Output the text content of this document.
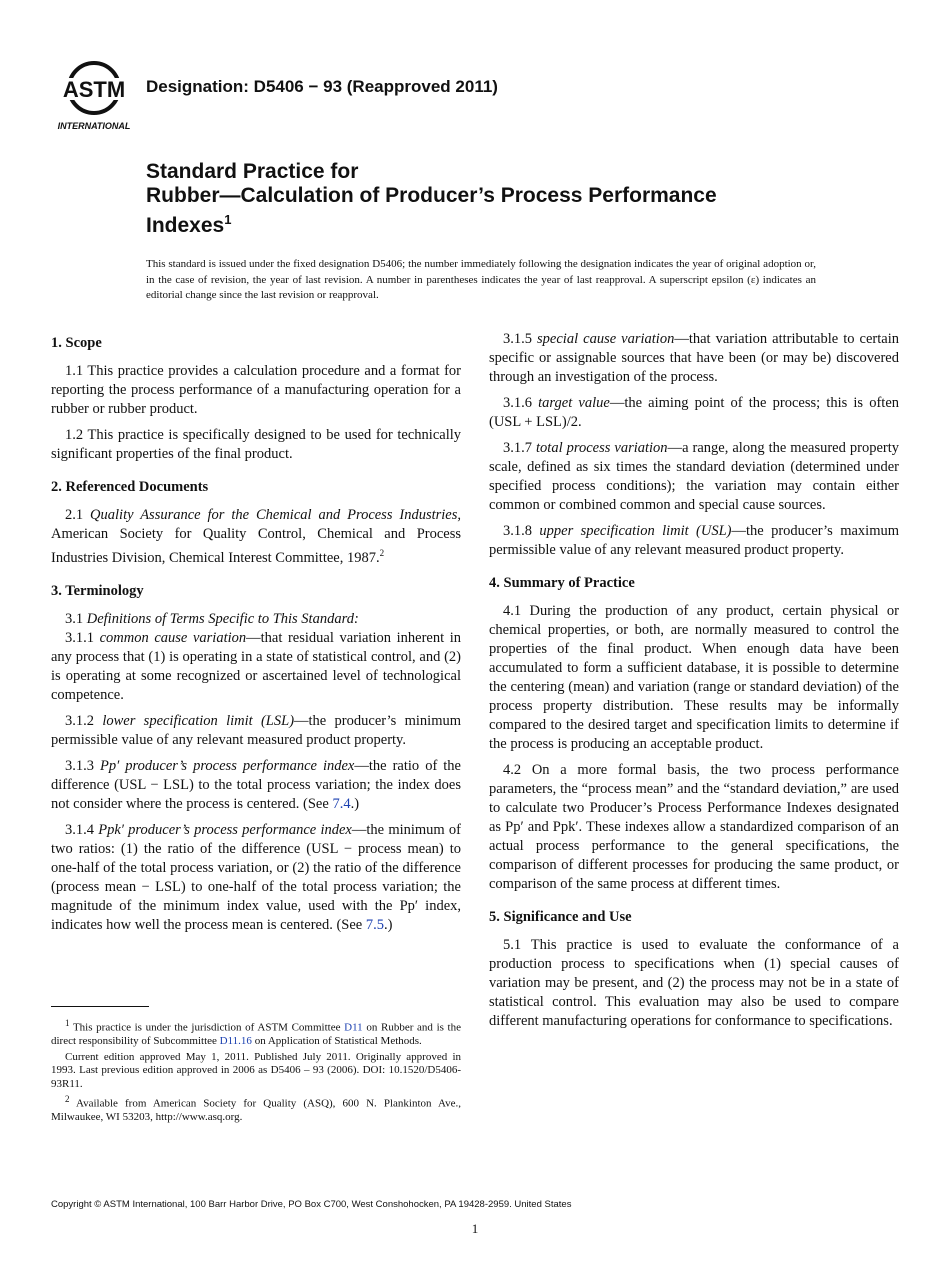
ASTM
INTERNATIONAL
Designation: D5406 − 93 (Reapproved 2011)
Standard Practice for
Rubber—Calculation of Producer’s Process Performance
Indexes$^1$
This standard is issued under the fixed designation D5406; the number immediately following the designation indicates the year of original adoption or, in the case of revision, the year of last revision. A number in parentheses indicates the year of last reapproval. A superscript epsilon (ε) indicates an editorial change since the last revision or reapproval.
1. Scope

1.1 This practice provides a calculation procedure and a format for reporting the process performance of a manufacturing operation for a rubber or rubber product.

1.2 This practice is specifically designed to be used for technically significant properties of the final product.

2. Referenced Documents

2.1 Quality Assurance for the Chemical and Process Industries, American Society for Quality Control, Chemical and Process Industries Division, Chemical Interest Committee, 1987.$^2$

3. Terminology

3.1 Definitions of Terms Specific to This Standard:

3.1.1 common cause variation—that residual variation inherent in any process that (1) is operating in a state of statistical control, and (2) is operating at some recognized or ascertained level of technological competence.

3.1.2 lower specification limit (LSL)—the producer’s minimum permissible value of any relevant measured product property.

3.1.3 Pp′ producer’s process performance index—the ratio of the difference (USL − LSL) to the total process variation; the index does not consider where the process is centered. (See 7.4.)

3.1.4 Ppk′ producer’s process performance index—the minimum of two ratios: (1) the ratio of the difference (USL − process mean) to one-half of the total process variation, or (2) the ratio of the difference (process mean − LSL) to one-half of the total process variation; the magnitude of the minimum index value, used with the Pp′ index, indicates how well the process mean is centered. (See 7.5.)

3.1.5 special cause variation—that variation attributable to certain specific or assignable sources that have been (or may be) discovered through an investigation of the process.

3.1.6 target value—the aiming point of the process; this is often (USL + LSL)/2.

3.1.7 total process variation—a range, along the measured property scale, defined as six times the standard deviation (determined under specified process conditions); the variation may contain either common or combined common and special cause sources.

3.1.8 upper specification limit (USL)—the producer’s maximum permissible value of any relevant measured product property.

4. Summary of Practice

4.1 During the production of any product, certain physical or chemical properties, or both, are normally measured to control the properties of the final product. When enough data have been accumulated to form a sufficient database, it is possible to determine the centering (mean) and variation (range or standard deviation) of the process property distribution. These results may be informally compared to the desired target and specification limits to determine if the process is producing an acceptable product.

4.2 On a more formal basis, the two process performance parameters, the “process mean” and the “standard deviation,” are used to calculate two Producer’s Process Performance Indexes designated as Pp′ and Ppk′. These indexes allow a standardized comparison of an actual process performance to the general specifications, the comparison of different processes for producing the same product, or comparison of the same process at different times.

5. Significance and Use

5.1 This practice is used to evaluate the conformance of a production process to specifications when (1) special causes of variation may be present, and (2) the process may not be in a state of statistical control. This evaluation may also be used to compare different manufacturing operations for conformance to specifications.

$^1$ This practice is under the jurisdiction of ASTM Committee D11 on Rubber and is the direct responsibility of Subcommittee D11.16 on Application of Statistical Methods.

Current edition approved May 1, 2011. Published July 2011. Originally approved in 1993. Last previous edition approved in 2006 as D5406 – 93 (2006). DOI: 10.1520/D5406-93R11.

$^2$ Available from American Society for Quality (ASQ), 600 N. Plankinton Ave., Milwaukee, WI 53203, http://www.asq.org.

Copyright © ASTM International, 100 Barr Harbor Drive, PO Box C700, West Conshohocken, PA 19428-2959. United States
1
